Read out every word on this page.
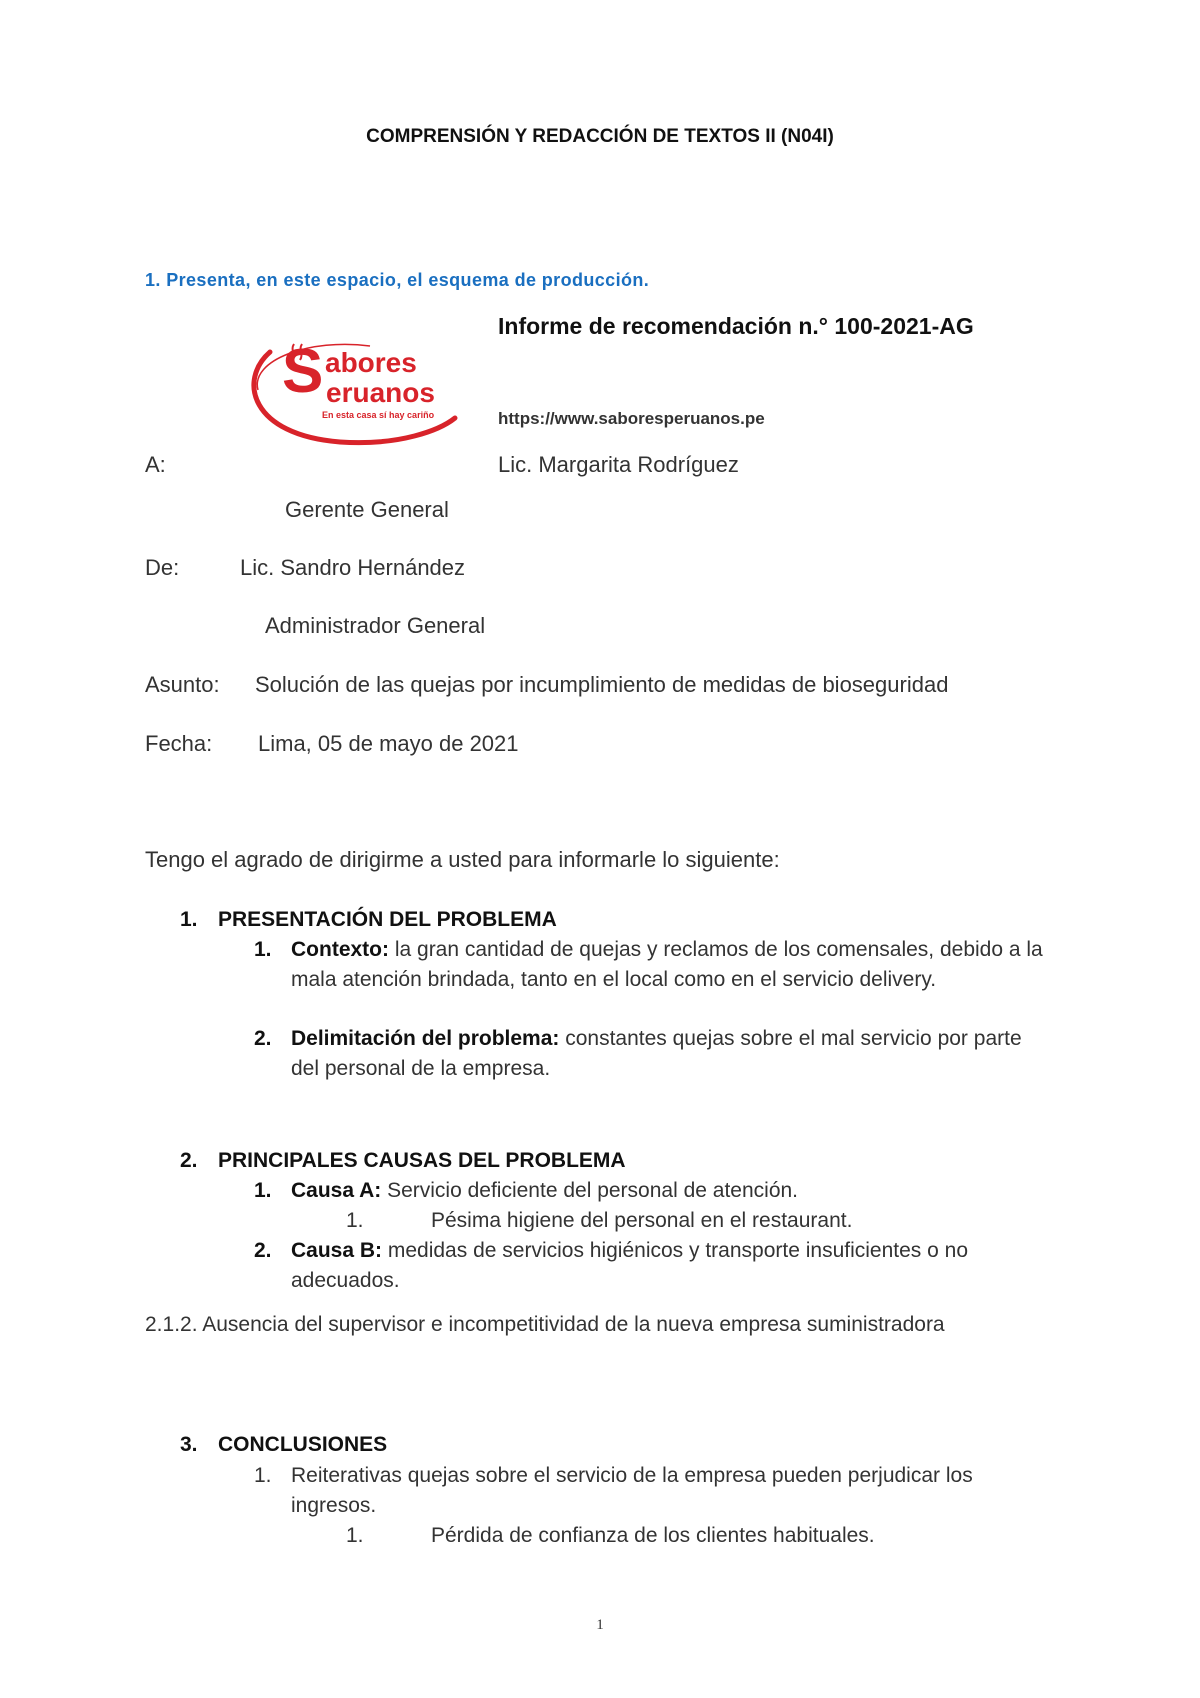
COMPRENSIÓN Y REDACCIÓN DE TEXTOS II (N04I)
1. Presenta, en este espacio, el esquema de producción.
S abores
eruanos
En esta casa sí hay cariño
Informe de recomendación n.° 100-2021-AG
https://www.saboresperuanos.pe
A:	Lic. Margarita Rodríguez
Gerente General
De:	Lic. Sandro Hernández
Administrador General
Asunto: Solución de las quejas por incumplimiento de medidas de bioseguridad
Fecha: Lima, 05 de mayo de 2021
Tengo el agrado de dirigirme a usted para informarle lo siguiente:
1. PRESENTACIÓN DEL PROBLEMA
1. Contexto: la gran cantidad de quejas y reclamos de los comensales, debido a la mala atención brindada, tanto en el local como en el servicio delivery.
2. Delimitación del problema: constantes quejas sobre el mal servicio por parte del personal de la empresa.
2. PRINCIPALES CAUSAS DEL PROBLEMA
1. Causa A: Servicio deficiente del personal de atención.
1.	Pésima higiene del personal en el restaurant.
2. Causa B: medidas de servicios higiénicos y transporte insuficientes o no adecuados.
2.1.2. Ausencia del supervisor e incompetitividad de la nueva empresa suministradora
3. CONCLUSIONES
1. Reiterativas quejas sobre el servicio de la empresa pueden perjudicar los ingresos.
1.	Pérdida de confianza de los clientes habituales.
1
